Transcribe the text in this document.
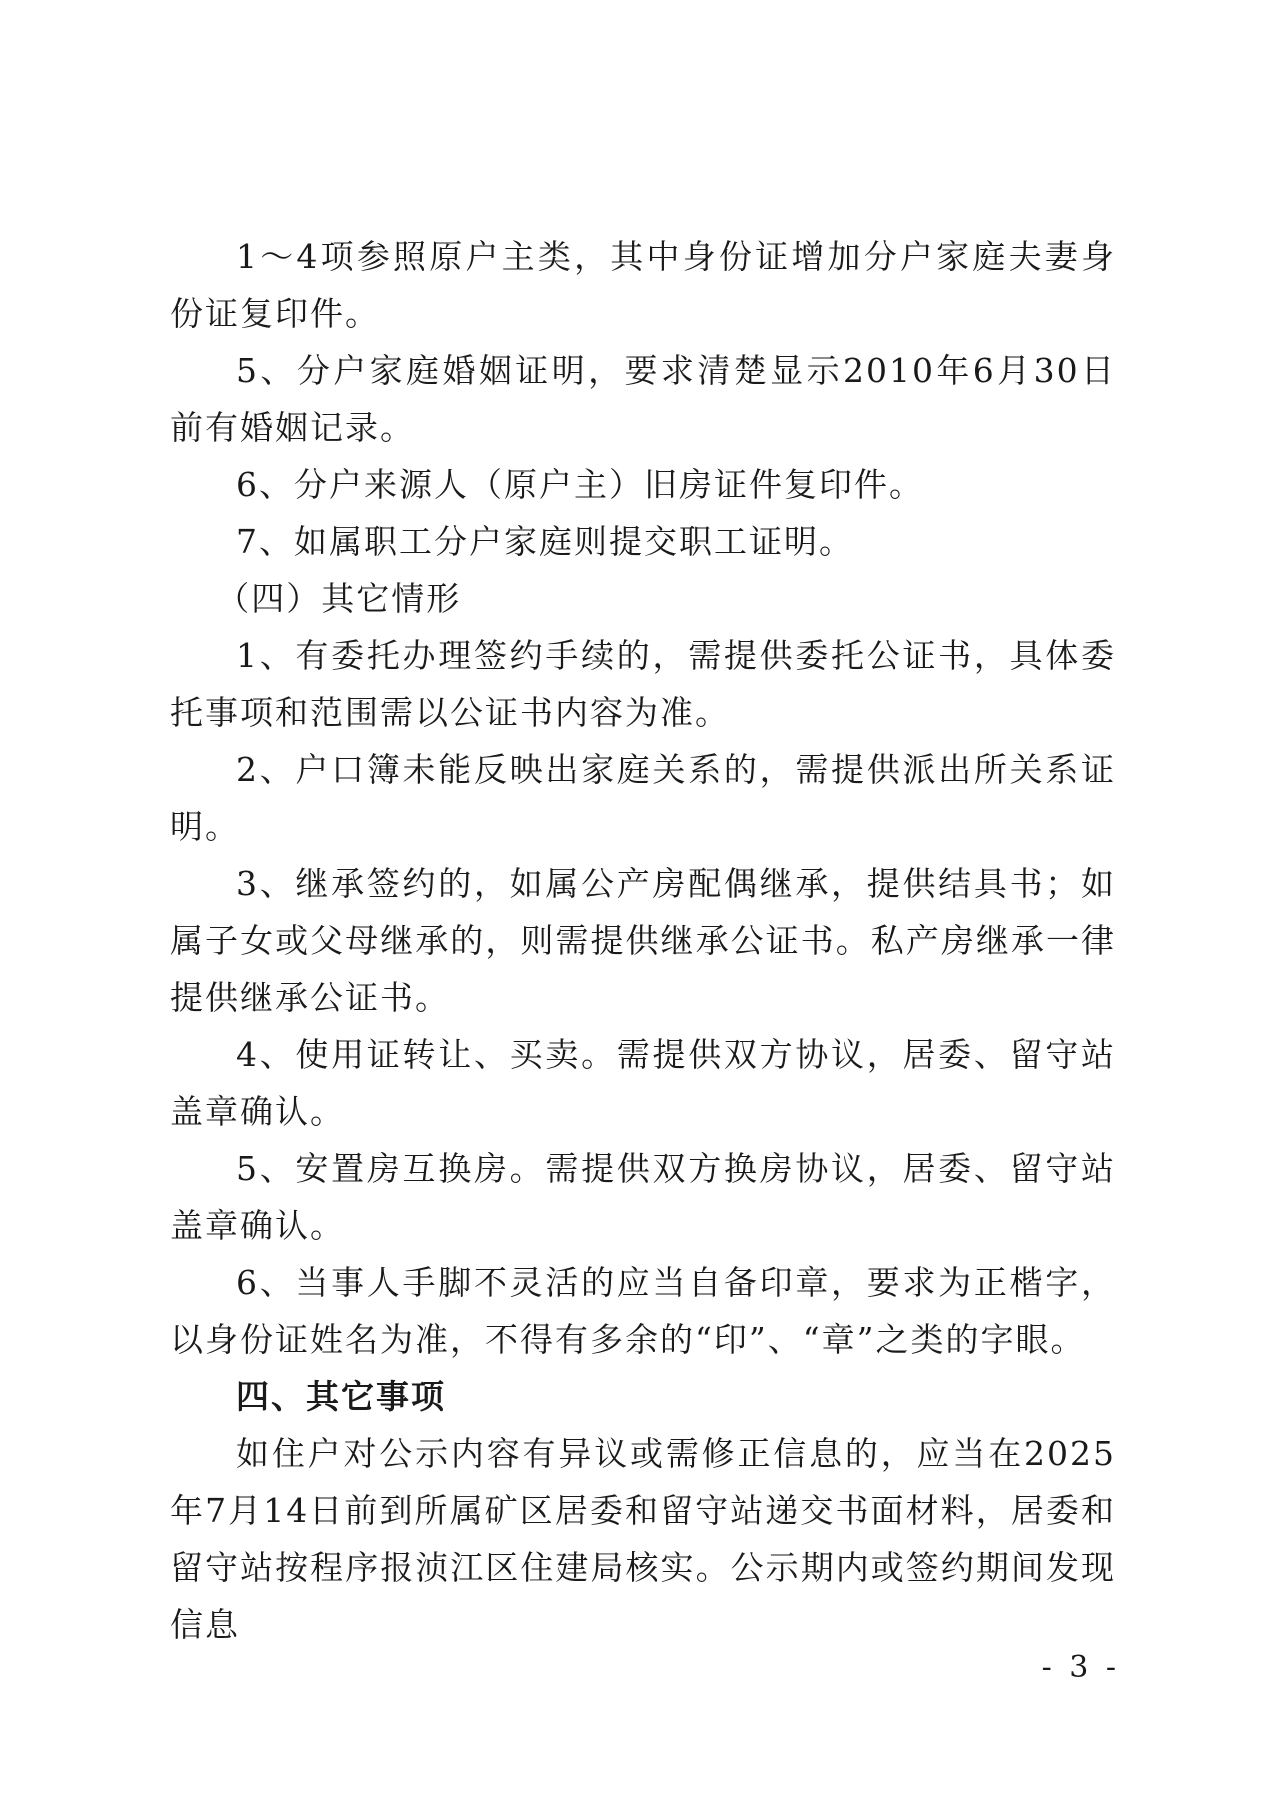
1～4项参照原户主类，其中身份证增加分户家庭夫妻身份证复印件。

5、分户家庭婚姻证明，要求清楚显示2010年6月30日前有婚姻记录。

6、分户来源人（原户主）旧房证件复印件。

7、如属职工分户家庭则提交职工证明。

（四）其它情形

1、有委托办理签约手续的，需提供委托公证书，具体委托事项和范围需以公证书内容为准。

2、户口簿未能反映出家庭关系的，需提供派出所关系证明。

3、继承签约的，如属公产房配偶继承，提供结具书；如属子女或父母继承的，则需提供继承公证书。私产房继承一律提供继承公证书。

4、使用证转让、买卖。需提供双方协议，居委、留守站盖章确认。

5、安置房互换房。需提供双方换房协议，居委、留守站盖章确认。

6、当事人手脚不灵活的应当自备印章，要求为正楷字，以身份证姓名为准，不得有多余的“印”、“章”之类的字眼。

四、其它事项

如住户对公示内容有异议或需修正信息的，应当在2025年7月14日前到所属矿区居委和留守站递交书面材料，居委和留守站按程序报浈江区住建局核实。公示期内或签约期间发现信息

- 3 -
